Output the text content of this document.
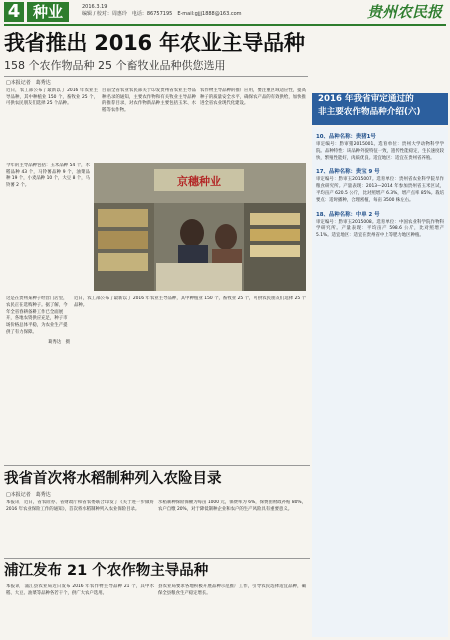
4 种业	2016.3.19
编辑 / 校对：周惠玲　电话：86757195　E-mail:gjjj1888@163.com	贵州农民报
我省推出 2016 年农业主导品种
158 个农作物品种 25 个畜牧业品种供您选用
□本报记者　葛秀达
近日，农工部公布了最新以了 2016 年农业主导品种，其中种植业 150 个，畜牧业 25 个，可供农民朋友们选择 25 个品种。
目前全省农业农民部关于印发贵州省农业主导品种名录的通知，主要农作物和有关牧业主导品种的推荐目录，对农作物新品种主要包括玉米、水稻等农作物。
农作物主导品种的推广应用，要注重区域适应性，提高种子的质量安全水平，确保农产品的有效供给，加快推进全省农业现代化建设。
今年的主导品种包括：玉米品种 54 个，水稻品种 43 个，马铃薯品种 9 个，油菜品种 19 个，小麦品种 10 个，大豆 8 个，马铃薯 2 个。	京穗种业
这是在贵州某种子经营门店里，农民正在选购种子。据了解，今年全省春耕备耕工作已全面展开，各地农资供应充足，种子市场价格总体平稳，为农业生产提供了有力保障。
葛秀达　摄
近日，农工部公布了最新以了 2016 年农业主导品种，其中种植业 150 个，畜牧业 25 个，可供农民朋友们选择 25 个品种。
2016 年我省审定通过的
非主要农作物品种介绍(六)
10、品种名称：贵猪1号
审定编号：黔审猪2015001。选育单位：贵州大学动物科学学院。品种特性：该品种外貌特征一致，遗传性能稳定，生长速度较快，繁殖性能好，肉质优良。适宜地区：适宜在贵州省养殖。
17、品种名称：贵宝 9 号
审定编号：黔审玉2015007。选育单位：贵州省农业科学院旱作粮食研究所。产量表现：2013—2014 年参加贵州省玉米区试，平均亩产 620.5 公斤，比对照增产 6.3%，增产点率 85%。栽培要点：适时播种，合理密植，每亩 3500 株左右。
18、品种名称：中单 2 号
审定编号：黔审玉2015008。选育单位：中国农业科学院作物科学研究所。产量表现：平均亩产 598.6 公斤，比对照增产 5.1%。适宜地区：适宜在贵州省中上等肥力地区种植。
我省首次将水稻制种列入农险目录
□本报记者　葛秀达
本报讯　近日，省农险办、省财政厅和省农委联合印发了《关于进一步做好 2016 年农业保险工作的通知》，首次将水稻制种列入农业保险目录。
水稻制种保险保额为每亩 1000 元，保费率为 6%，保费由财政补贴 80%，农户自缴 20%，对于降低制种企业和农户的生产风险具有重要意义。
浦江发布 21 个农作物主导品种
本报讯　浦江县农业局近日发布 2016 年农作物主导品种 21 个，其中水稻、大豆、油菜等品种各若干个，供广大农户选用。
县农业局要求各地积极开展品种示范推广工作，引导农民选择适宜品种，确保全县粮食生产稳定增长。
